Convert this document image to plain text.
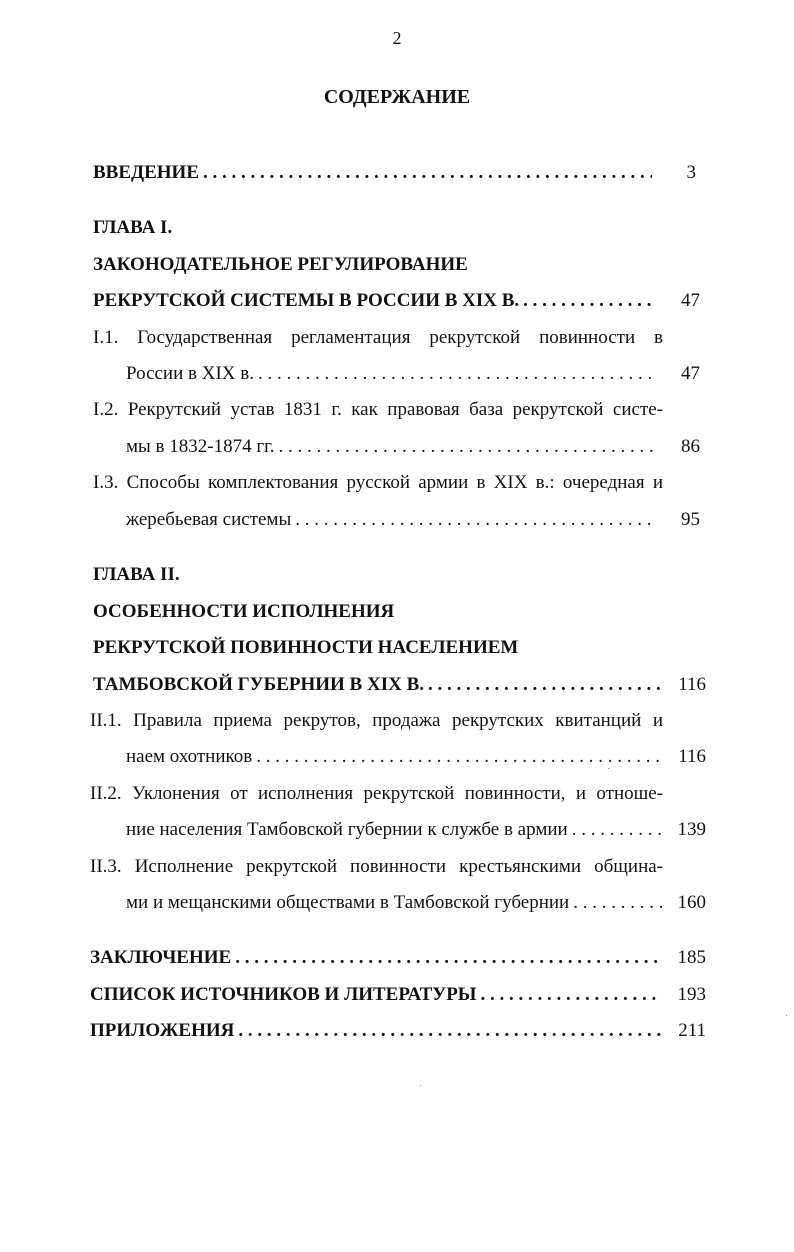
2
СОДЕРЖАНИЕ
ВВЕДЕНИЕ . . .	3
ГЛАВА I.
ЗАКОНОДАТЕЛЬНОЕ РЕГУЛИРОВАНИЕ
РЕКРУТСКОЙ СИСТЕМЫ В РОССИИ В XIX В. . . .	47
I.1. Государственная регламентация рекрутской повинности в
России в XIX в. . . .	47
I.2. Рекрутский устав 1831 г. как правовая база рекрутской систе-
мы в 1832-1874 гг. . . .	86
I.3. Способы комплектования русской армии в XIX в.: очередная и
жеребьевая системы . . .	95
ГЛАВА II.
ОСОБЕННОСТИ ИСПОЛНЕНИЯ
РЕКРУТСКОЙ ПОВИННОСТИ НАСЕЛЕНИЕМ
ТАМБОВСКОЙ ГУБЕРНИИ В XIX В. . . .	116
II.1. Правила приема рекрутов, продажа рекрутских квитанций и
наем охотников . . .	116
II.2. Уклонения от исполнения рекрутской повинности, и отноше-
ние населения Тамбовской губернии к службе в армии . . .	139
II.3. Исполнение рекрутской повинности крестьянскими община-
ми и мещанскими обществами в Тамбовской губернии . . .	160
ЗАКЛЮЧЕНИЕ . . .	185
СПИСОК ИСТОЧНИКОВ И ЛИТЕРАТУРЫ . . .	193
ПРИЛОЖЕНИЯ . . .	211
